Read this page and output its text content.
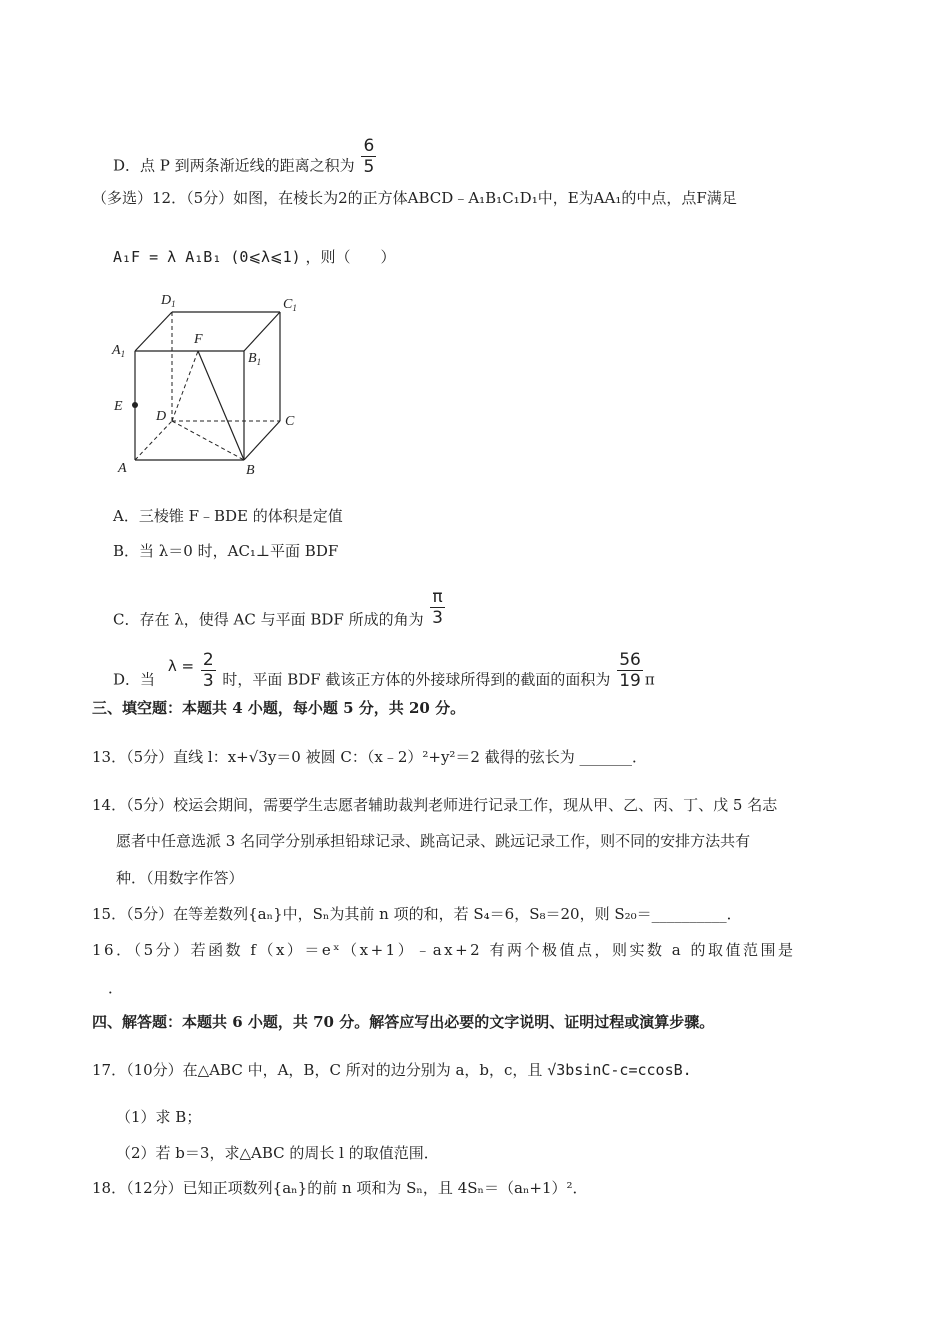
D．点 P 到两条渐近线的距离之积为 $\frac{6}{5}$
（多选）12．（5分）如图，在棱长为2的正方体ABCD﹣A₁B₁C₁D₁中，E为AA₁的中点，点F满足
A₁F = λ A₁B₁ (0⩽λ⩽1) ，则（　　）
$D_1$	$C_1$
$A_1$
F
$B_1$
E
D	C
A	B
A．三棱锥 F﹣BDE 的体积是定值
B．当 λ＝0 时，AC₁⊥平面 BDF
C．存在 λ，使得 AC 与平面 BDF 所成的角为 $\frac{\pi}{3}$
D．当 $\lambda = \frac{2}{3}$ 时，平面 BDF 截该正方体的外接球所得到的截面的面积为 $\frac{56}{19}$ π
三、填空题：本题共 4 小题，每小题 5 分，共 20 分。
13．（5分）直线 l：x+√3y＝0 被圆 C：（x﹣2）²+y²＝2 截得的弦长为 _______．
14．（5分）校运会期间，需要学生志愿者辅助裁判老师进行记录工作，现从甲、乙、丙、丁、戊 5 名志
愿者中任意选派 3 名同学分别承担铅球记录、跳高记录、跳远记录工作，则不同的安排方法共有
种．（用数字作答）
15．（5分）在等差数列{aₙ}中，Sₙ为其前 n 项的和，若 S₄＝6，S₈＝20，则 S₂₀＝__________．
16．（5分）若函数 f（x）＝eˣ（x+1）﹣ax+2 有两个极值点，则实数 a 的取值范围是
．
四、解答题：本题共 6 小题，共 70 分。解答应写出必要的文字说明、证明过程或演算步骤。
17．（10分）在△ABC 中，A，B，C 所对的边分别为 a，b，c，且 √3bsinC-c=ccosB.
（1）求 B；
（2）若 b＝3，求△ABC 的周长 l 的取值范围．
18．（12分）已知正项数列{aₙ}的前 n 项和为 Sₙ，且 4Sₙ＝（aₙ+1）²．
